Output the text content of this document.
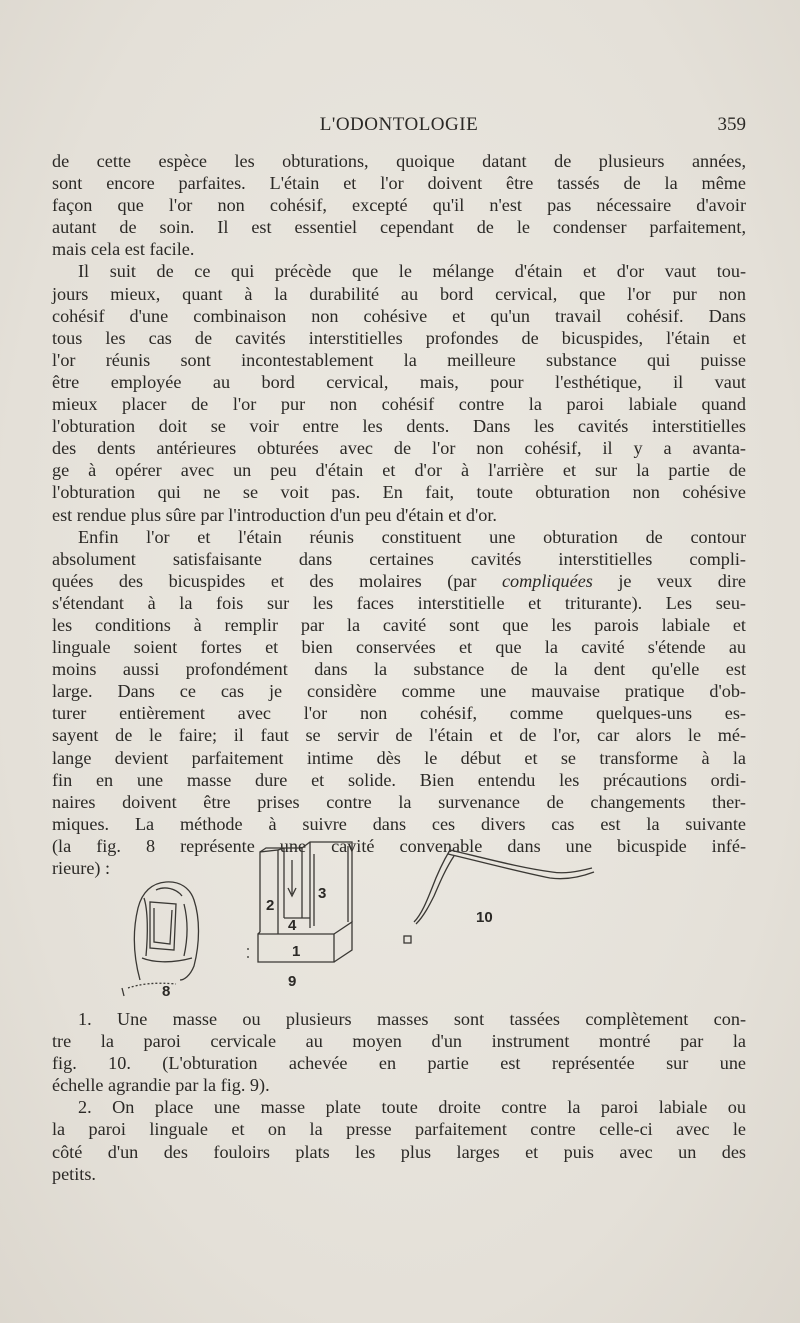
L'ODONTOLOGIE	359

de cette espèce les obturations, quoique datant de plusieurs années,
sont encore parfaites. L'étain et l'or doivent être tassés de la même
façon que l'or non cohésif, excepté qu'il n'est pas nécessaire d'avoir
autant de soin. Il est essentiel cependant de le condenser parfaitement,
mais cela est facile.

Il suit de ce qui précède que le mélange d'étain et d'or vaut tou-
jours mieux, quant à la durabilité au bord cervical, que l'or pur non
cohésif d'une combinaison non cohésive et qu'un travail cohésif. Dans
tous les cas de cavités interstitielles profondes de bicuspides, l'étain et
l'or réunis sont incontestablement la meilleure substance qui puisse
être employée au bord cervical, mais, pour l'esthétique, il vaut
mieux placer de l'or pur non cohésif contre la paroi labiale quand
l'obturation doit se voir entre les dents. Dans les cavités interstitielles
des dents antérieures obturées avec de l'or non cohésif, il y a avanta-
ge à opérer avec un peu d'étain et d'or à l'arrière et sur la partie de
l'obturation qui ne se voit pas. En fait, toute obturation non cohésive
est rendue plus sûre par l'introduction d'un peu d'étain et d'or.

Enfin l'or et l'étain réunis constituent une obturation de contour
absolument satisfaisante dans certaines cavités interstitielles compli-
quées des bicuspides et des molaires (par compliquées je veux dire
s'étendant à la fois sur les faces interstitielle et triturante). Les seu-
les conditions à remplir par la cavité sont que les parois labiale et
linguale soient fortes et bien conservées et que la cavité s'étende au
moins aussi profondément dans la substance de la dent qu'elle est
large. Dans ce cas je considère comme une mauvaise pratique d'ob-
turer entièrement avec l'or non cohésif, comme quelques-uns es-
sayent de le faire; il faut se servir de l'étain et de l'or, car alors le mé-
lange devient parfaitement intime dès le début et se transforme à la
fin en une masse dure et solide. Bien entendu les précautions ordi-
naires doivent être prises contre la survenance de changements ther-
miques. La méthode à suivre dans ces divers cas est la suivante
(la fig. 8 représente une cavité convenable dans une bicuspide infé-
rieure) :

8
2
3
4
1
9
10

1. Une masse ou plusieurs masses sont tassées complètement con-
tre la paroi cervicale au moyen d'un instrument montré par la
fig. 10. (L'obturation achevée en partie est représentée sur une
échelle agrandie par la fig. 9).

2. On place une masse plate toute droite contre la paroi labiale ou
la paroi linguale et on la presse parfaitement contre celle-ci avec le
côté d'un des fouloirs plats les plus larges et puis avec un des
petits.
